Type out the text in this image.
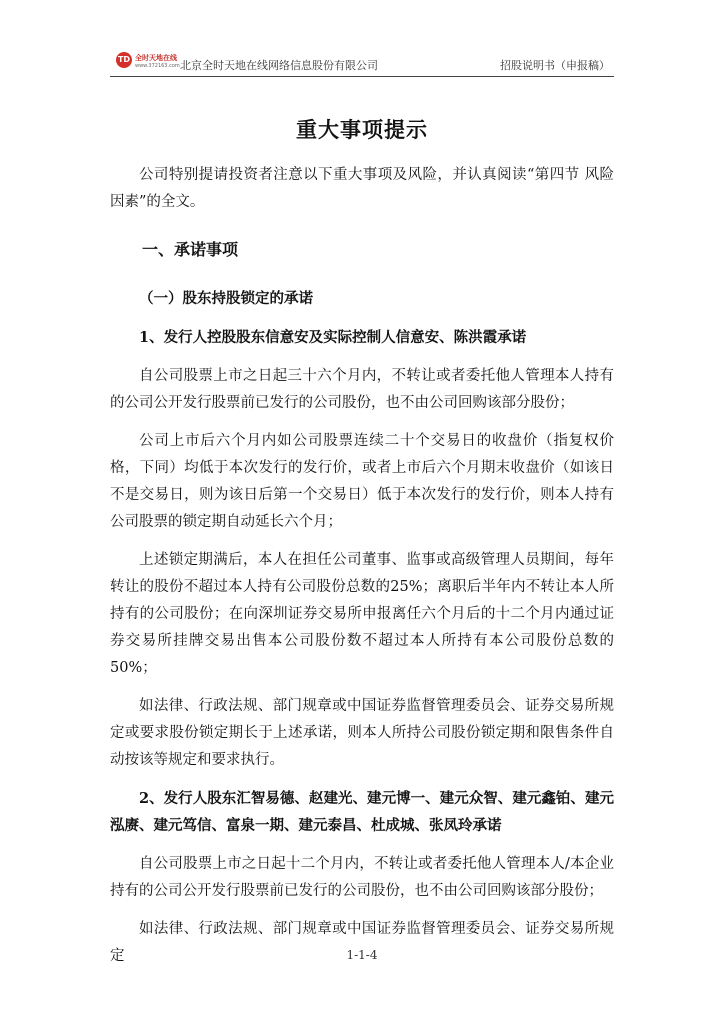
TD 全时天地在线
www.372163.com 北京全时天地在线网络信息股份有限公司	招股说明书（申报稿）
重大事项提示

公司特别提请投资者注意以下重大事项及风险，并认真阅读“第四节 风险因素”的全文。

一、承诺事项

（一）股东持股锁定的承诺

1、发行人控股股东信意安及实际控制人信意安、陈洪霞承诺

自公司股票上市之日起三十六个月内，不转让或者委托他人管理本人持有的公司公开发行股票前已发行的公司股份，也不由公司回购该部分股份；

公司上市后六个月内如公司股票连续二十个交易日的收盘价（指复权价格，下同）均低于本次发行的发行价，或者上市后六个月期末收盘价（如该日不是交易日，则为该日后第一个交易日）低于本次发行的发行价，则本人持有公司股票的锁定期自动延长六个月；

上述锁定期满后，本人在担任公司董事、监事或高级管理人员期间，每年转让的股份不超过本人持有公司股份总数的25%；离职后半年内不转让本人所持有的公司股份；在向深圳证券交易所申报离任六个月后的十二个月内通过证券交易所挂牌交易出售本公司股份数不超过本人所持有本公司股份总数的50%；

如法律、行政法规、部门规章或中国证券监督管理委员会、证券交易所规定或要求股份锁定期长于上述承诺，则本人所持公司股份锁定期和限售条件自动按该等规定和要求执行。

2、发行人股东汇智易德、赵建光、建元博一、建元众智、建元鑫铂、建元泓赓、建元笃信、富泉一期、建元泰昌、杜成城、张凤玲承诺

自公司股票上市之日起十二个月内，不转让或者委托他人管理本人/本企业持有的公司公开发行股票前已发行的公司股份，也不由公司回购该部分股份；

如法律、行政法规、部门规章或中国证券监督管理委员会、证券交易所规定	1-1-4
